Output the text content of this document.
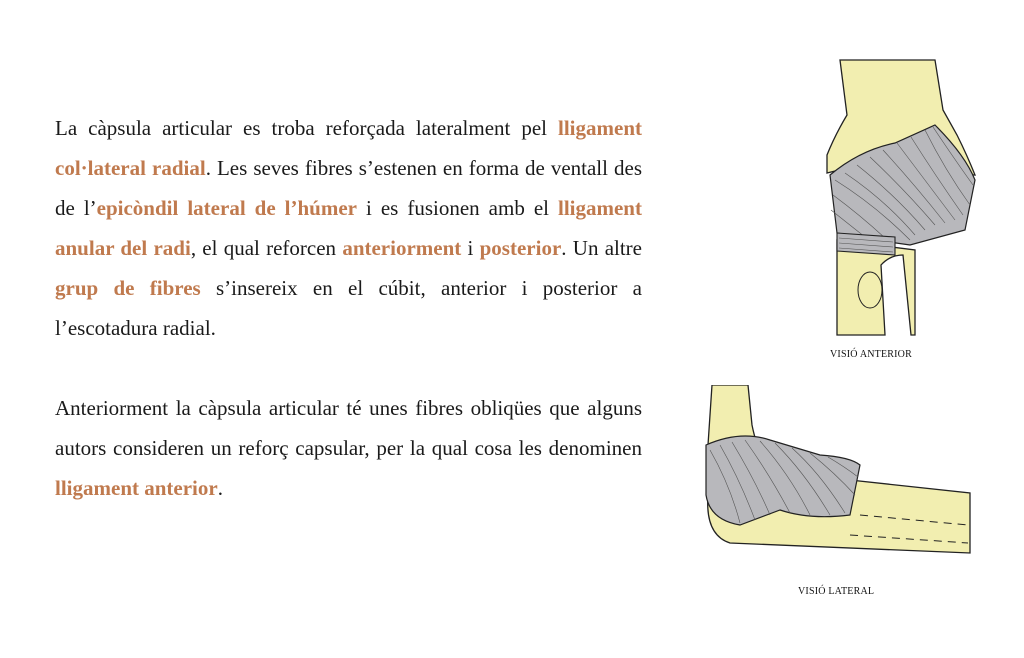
La càpsula articular es troba reforçada lateralment pel lligament col·lateral radial. Les seves fibres s’estenen en forma de ventall des de l’epicòndil lateral de l’húmer i es fusionen amb el lligament anular del radi, el qual reforcen anteriorment i posterior. Un altre grup de fibres s’insereix en el cúbit, anterior i posterior a l’escotadura radial.

Anteriorment la càpsula articular té unes fibres obliqües que alguns autors consideren un reforç capsular, per la qual cosa les denominen lligament anterior.

VISIÓ ANTERIOR
VISIÓ LATERAL
